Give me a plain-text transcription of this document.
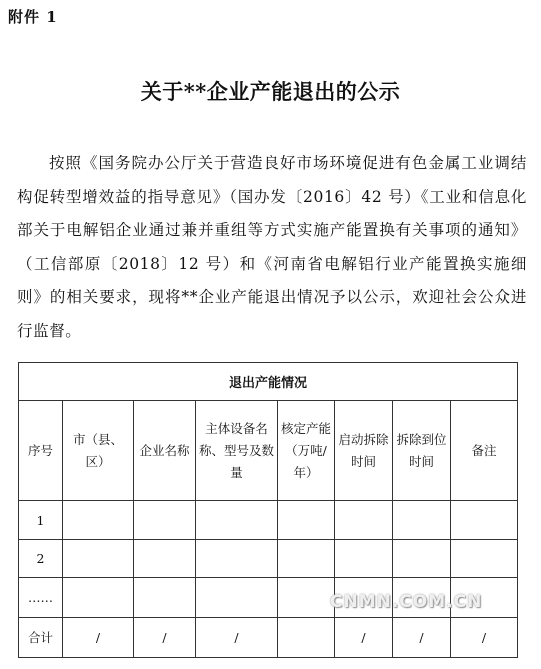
附件 1
关于**企业产能退出的公示
按照《国务院办公厅关于营造良好市场环境促进有色金属工业调结构促转型增效益的指导意见》（国办发〔2016〕42 号）《工业和信息化部关于电解铝企业通过兼并重组等方式实施产能置换有关事项的通知》（工信部原〔2018〕12 号）和《河南省电解铝行业产能置换实施细则》的相关要求，现将**企业产能退出情况予以公示，欢迎社会公众进行监督。
退出产能情况							
序号	市（县、区）	企业名称	主体设备名称、型号及数量	核定产能（万吨/年）	启动拆除时间	拆除到位时间	备注
1							
2							
……							
合计	/	/	/		/	/	/
CNMN.COM.CN
